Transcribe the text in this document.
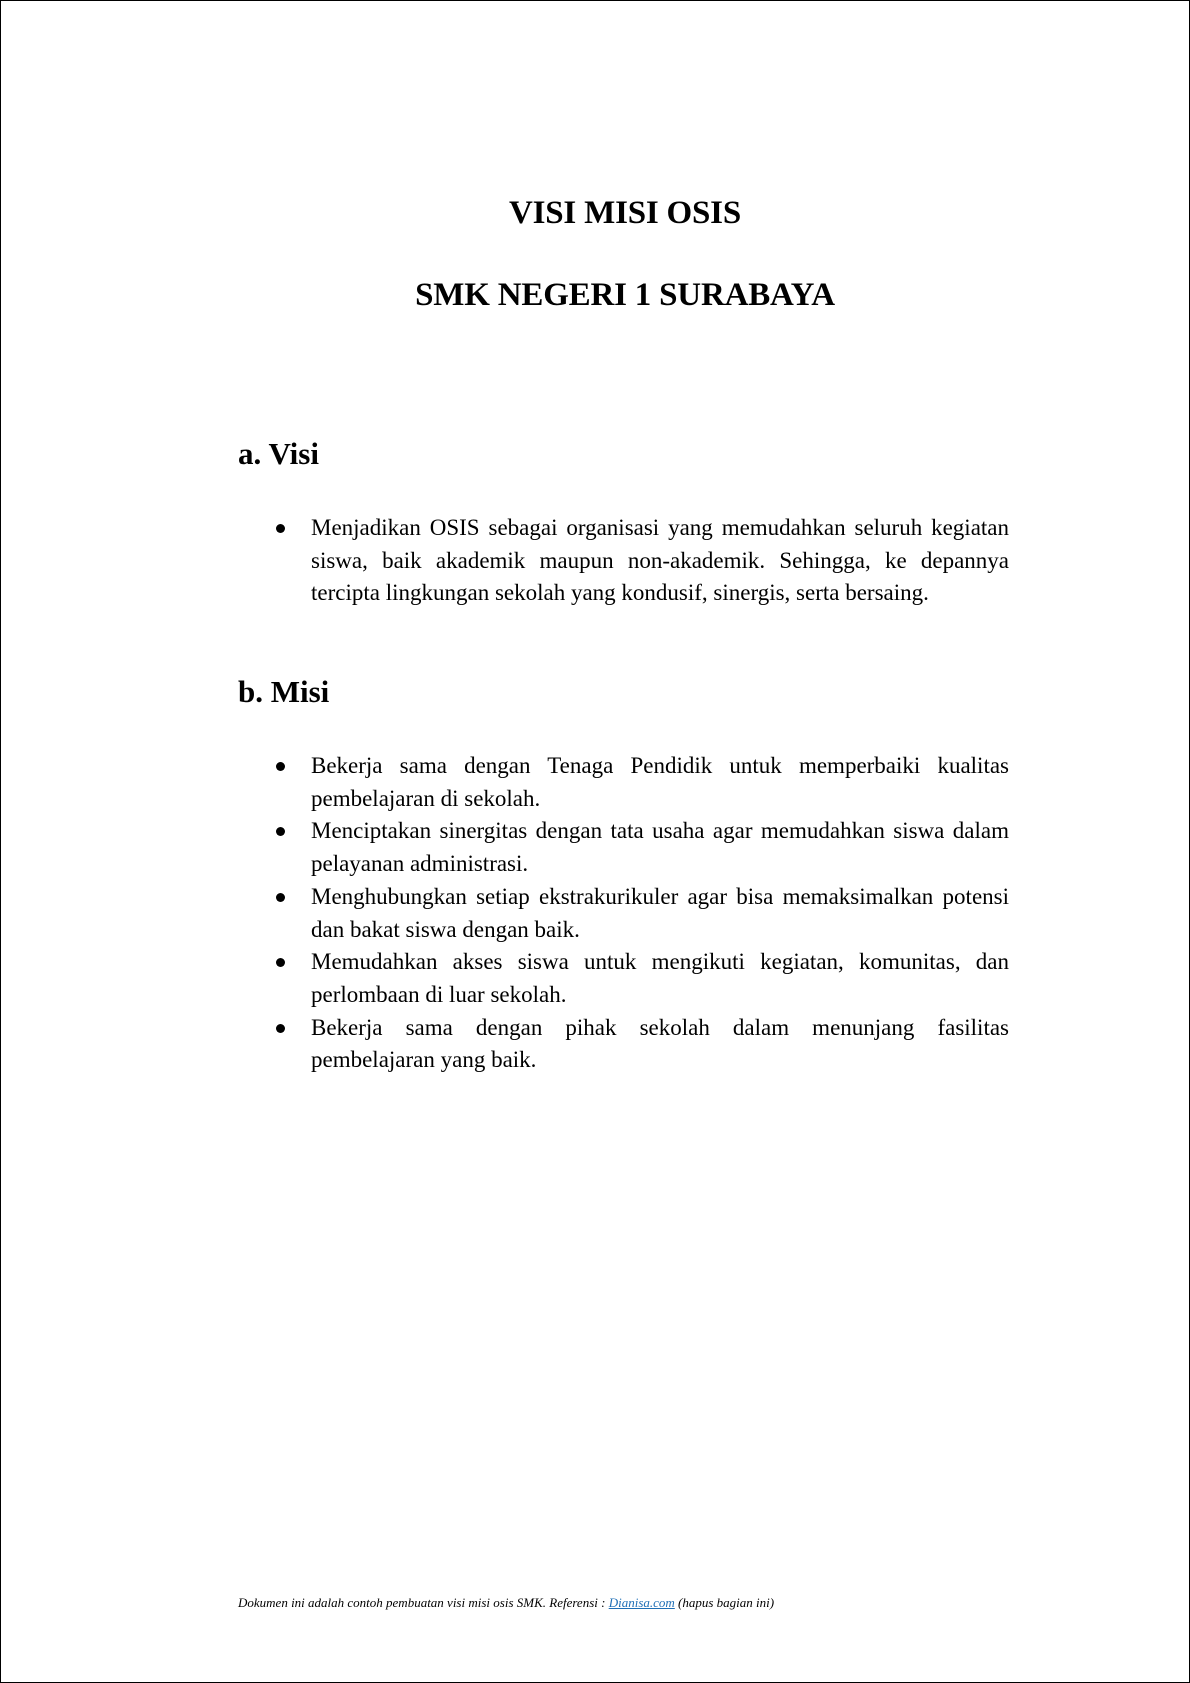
VISI MISI OSIS
SMK NEGERI 1 SURABAYA
a. Visi
Menjadikan OSIS sebagai organisasi yang memudahkan seluruh kegiatan siswa, baik akademik maupun non-akademik. Sehingga, ke depannya tercipta lingkungan sekolah yang kondusif, sinergis, serta bersaing.
b. Misi
Bekerja sama dengan Tenaga Pendidik untuk memperbaiki kualitas pembelajaran di sekolah.
Menciptakan sinergitas dengan tata usaha agar memudahkan siswa dalam pelayanan administrasi.
Menghubungkan setiap ekstrakurikuler agar bisa memaksimalkan potensi dan bakat siswa dengan baik.
Memudahkan akses siswa untuk mengikuti kegiatan, komunitas, dan perlombaan di luar sekolah.
Bekerja sama dengan pihak sekolah dalam menunjang fasilitas pembelajaran yang baik.
Dokumen ini adalah contoh pembuatan visi misi osis SMK. Referensi : Dianisa.com (hapus bagian ini)
